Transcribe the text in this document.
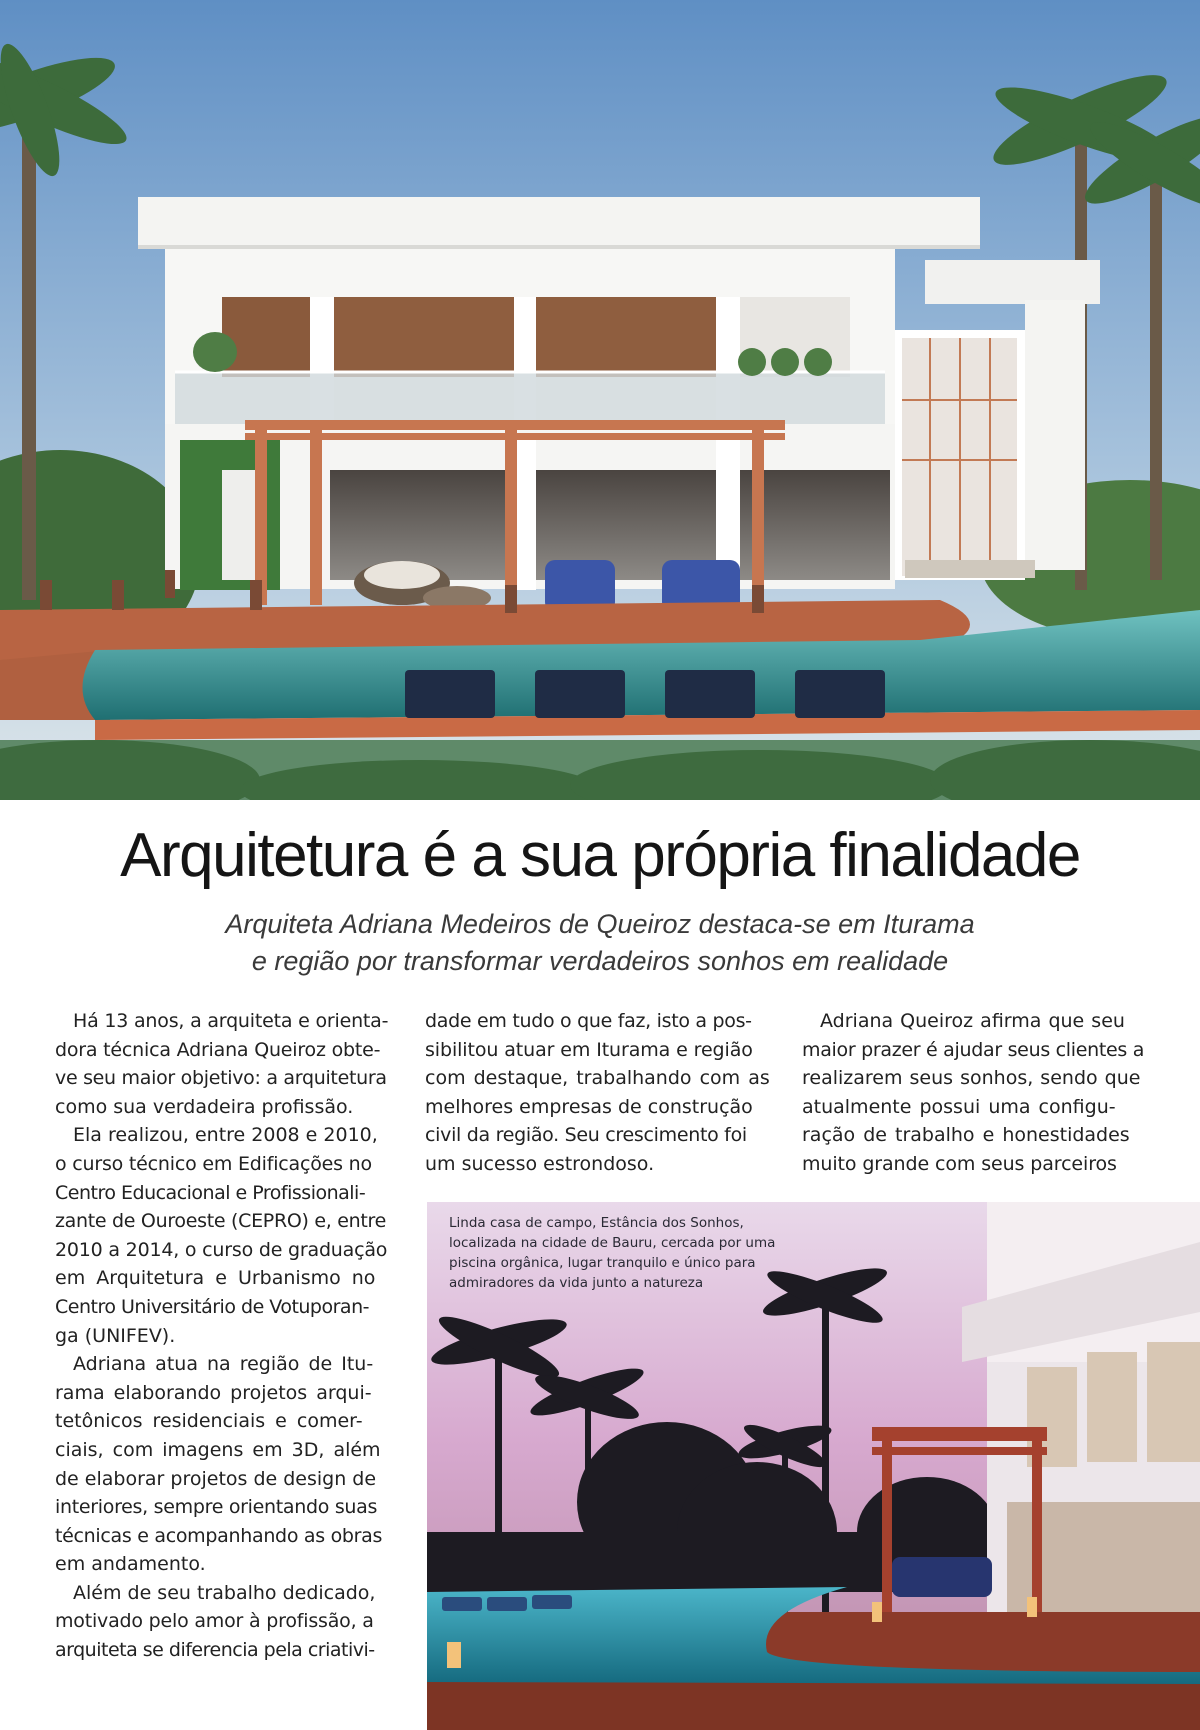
Arquitetura é a sua própria finalidade

Arquiteta Adriana Medeiros de Queiroz destaca-se em Iturama
e região por transformar verdadeiros sonhos em realidade

Há 13 anos, a arquiteta e orienta-
dora técnica Adriana Queiroz obte-
ve seu maior objetivo: a arquitetura
como sua verdadeira profissão.
Ela realizou, entre 2008 e 2010,
o curso técnico em Edificações no
Centro Educacional e Profissionali-
zante de Ouroeste (CEPRO) e, entre
2010 a 2014, o curso de graduação
em Arquitetura e Urbanismo no
Centro Universitário de Votuporan-
ga (UNIFEV).
Adriana atua na região de Itu-
rama elaborando projetos arqui-
tetônicos residenciais e comer-
ciais, com imagens em 3D, além
de elaborar projetos de design de
interiores, sempre orientando suas
técnicas e acompanhando as obras
em andamento.
Além de seu trabalho dedicado,
motivado pelo amor à profissão, a
arquiteta se diferencia pela criativi-
dade em tudo o que faz, isto a pos-
sibilitou atuar em Iturama e região
com destaque, trabalhando com as
melhores empresas de construção
civil da região. Seu crescimento foi
um sucesso estrondoso.
Adriana Queiroz afirma que seu
maior prazer é ajudar seus clientes a
realizarem seus sonhos, sendo que
atualmente possui uma configu-
ração de trabalho e honestidades
muito grande com seus parceiros
Linda casa de campo, Estância dos Sonhos,
localizada na cidade de Bauru, cercada por uma
piscina orgânica, lugar tranquilo e único para
admiradores da vida junto a natureza
